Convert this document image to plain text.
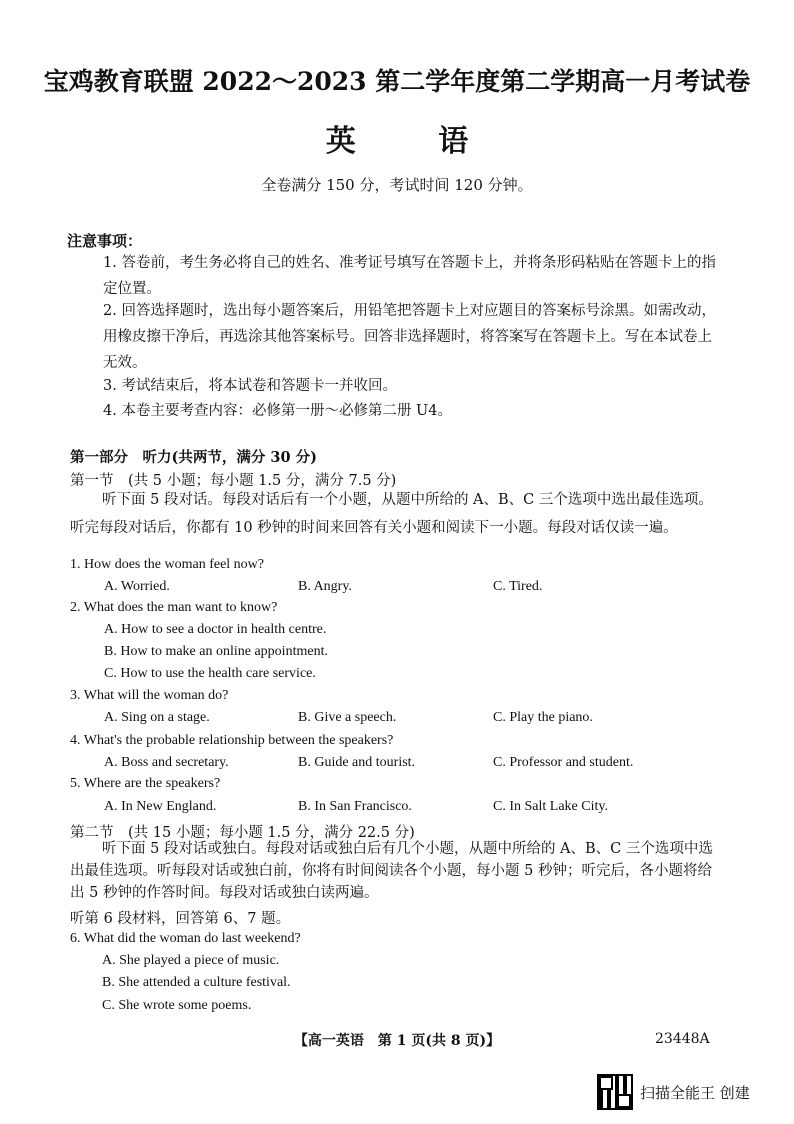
宝鸡教育联盟 2022～2023 第二学年度第二学期高一月考试卷
英 语
全卷满分 150 分，考试时间 120 分钟。
注意事项：
1. 答卷前，考生务必将自己的姓名、准考证号填写在答题卡上，并将条形码粘贴在答题卡上的指定位置。
2. 回答选择题时，选出每小题答案后，用铅笔把答题卡上对应题目的答案标号涂黑。如需改动，用橡皮擦干净后，再选涂其他答案标号。回答非选择题时，将答案写在答题卡上。写在本试卷上无效。
3. 考试结束后，将本试卷和答题卡一并收回。
4. 本卷主要考查内容：必修第一册～必修第二册 U4。
第一部分　听力(共两节，满分 30 分)
第一节　(共 5 小题；每小题 1.5 分，满分 7.5 分)
听下面 5 段对话。每段对话后有一个小题，从题中所给的 A、B、C 三个选项中选出最佳选项。听完每段对话后，你都有 10 秒钟的时间来回答有关小题和阅读下一小题。每段对话仅读一遍。
1. How does the woman feel now?
A. Worried.	B. Angry.	C. Tired.
2. What does the man want to know?
A. How to see a doctor in health centre.
B. How to make an online appointment.
C. How to use the health care service.
3. What will the woman do?
A. Sing on a stage.	B. Give a speech.	C. Play the piano.
4. What's the probable relationship between the speakers?
A. Boss and secretary.	B. Guide and tourist.	C. Professor and student.
5. Where are the speakers?
A. In New England.	B. In San Francisco.	C. In Salt Lake City.
第二节　(共 15 小题；每小题 1.5 分，满分 22.5 分)
听下面 5 段对话或独白。每段对话或独白后有几个小题，从题中所给的 A、B、C 三个选项中选出最佳选项。听每段对话或独白前，你将有时间阅读各个小题，每小题 5 秒钟；听完后，各小题将给出 5 秒钟的作答时间。每段对话或独白读两遍。
听第 6 段材料，回答第 6、7 题。
6. What did the woman do last weekend?
A. She played a piece of music.
B. She attended a culture festival.
C. She wrote some poems.
【高一英语　第 1 页(共 8 页)】	23448A
扫描全能王 创建
